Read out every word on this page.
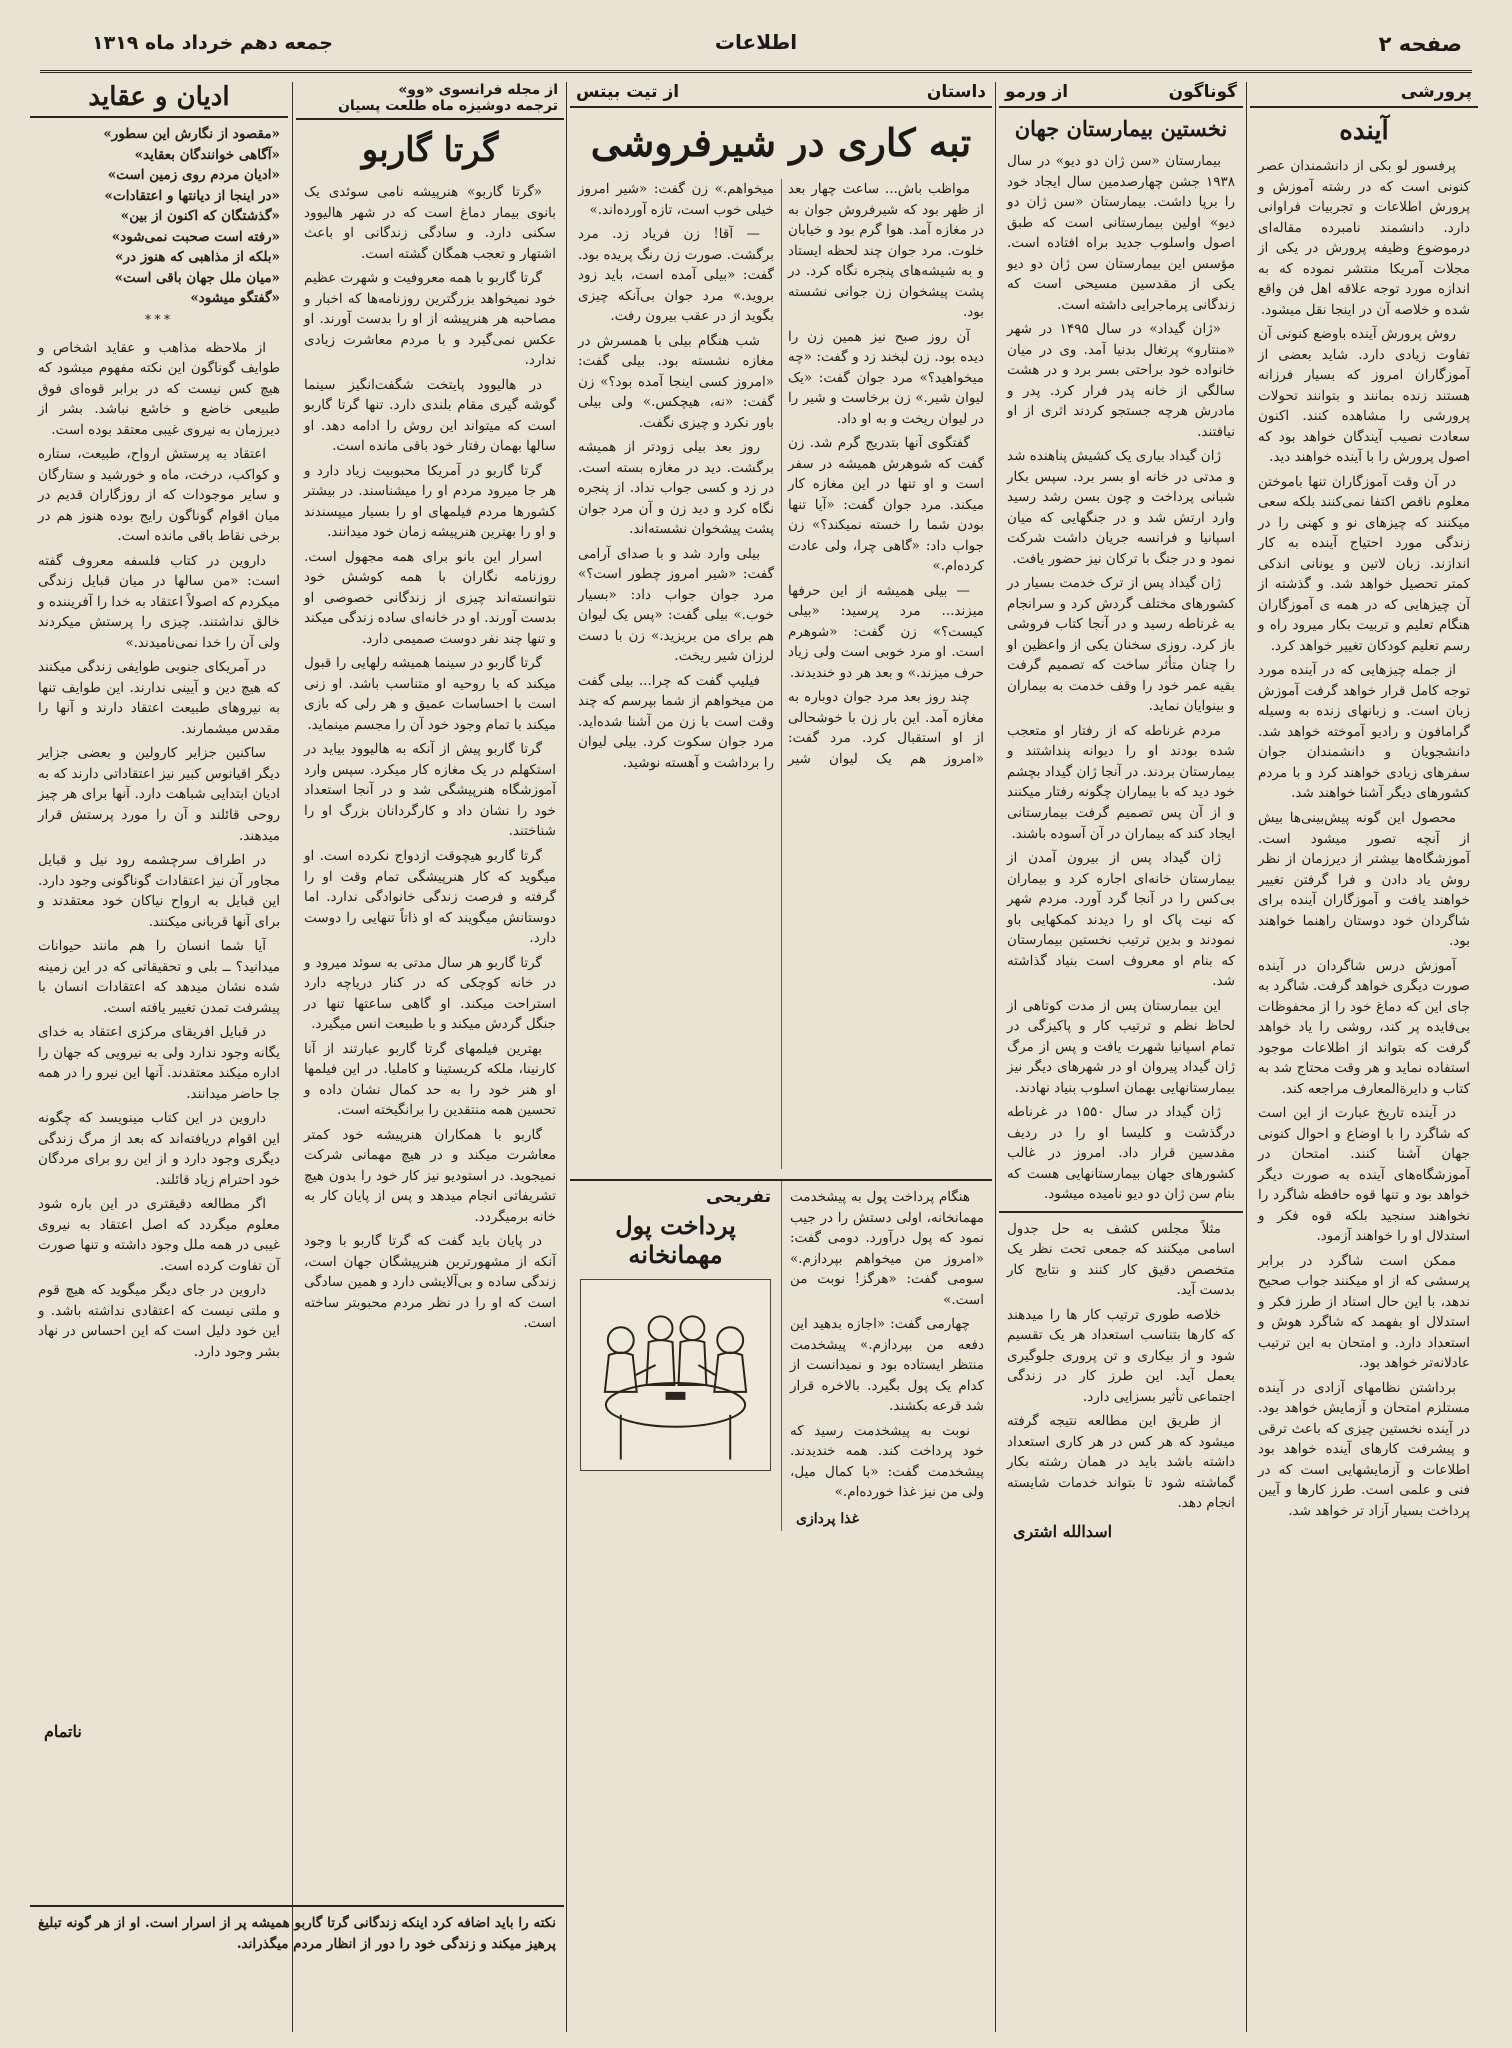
صفحه ۲
اطلاعات
جمعه دهم خرداد ماه ۱۳۱۹
پرورشی
آینده

پرفسور لو بکی از دانشمندان عصر کنونی است که در رشته آموزش و پرورش اطلاعات و تجربیات فراوانی دارد. دانشمند نامبرده مقاله‌ای درموضوع وظیفه پرورش در یکی از مجلات آمریکا منتشر نموده که به اندازه مورد توجه علاقه اهل فن واقع شده و خلاصه آن در اینجا نقل میشود.

روش پرورش آینده باوضع کنونی آن تفاوت زیادی دارد. شاید بعضی از آموزگاران امروز که بسیار فرزانه هستند زنده بمانند و بتوانند تحولات پرورشی را مشاهده کنند. اکنون سعادت نصیب آیندگان خواهد بود که اصول پرورش را با آینده خواهند دید.

در آن وقت آموزگاران تنها باموختن معلوم ناقص اکتفا نمی‌کنند بلکه سعی میکنند که چیزهای نو و کهنی را در زندگی مورد احتیاج آینده به کار اندازند. زبان لاتین و یونانی اندکی کمتر تحصیل خواهد شد. و گذشته از آن چیزهایی که در همه ی آموزگاران هنگام تعلیم و تربیت بکار میرود راه و رسم تعلیم کودکان تغییر خواهد کرد.

از جمله چیزهایی که در آینده مورد توجه کامل قرار خواهد گرفت آموزش زبان است. و زبانهای زنده به وسیله گرامافون و رادیو آموخته خواهد شد. دانشجویان و دانشمندان جوان سفرهای زیادی خواهند کرد و با مردم کشورهای دیگر آشنا خواهند شد.

محصول این گونه پیش‌بینی‌ها بیش از آنچه تصور میشود است. آموزشگاه‌ها بیشتر از دیرزمان از نظر روش یاد دادن و فرا گرفتن تغییر خواهند یافت و آموزگاران آینده برای شاگردان خود دوستان راهنما خواهند بود.

آموزش درس شاگردان در آینده صورت دیگری خواهد گرفت. شاگرد به جای این که دماغ خود را از محفوظات بی‌فایده پر کند، روشی را یاد خواهد گرفت که بتواند از اطلاعات موجود استفاده نماید و هر وقت محتاج شد به کتاب و دایرة‌المعارف مراجعه کند.

در آینده تاریخ عبارت از این است که شاگرد را با اوضاع و احوال کنونی جهان آشنا کنند. امتحان در آموزشگاه‌های آینده به صورت دیگر خواهد بود و تنها قوه حافظه شاگرد را نخواهند سنجید بلکه قوه فکر و استدلال او را خواهند آزمود.

ممکن است شاگرد در برابر پرسشی که از او میکنند جواب صحیح ندهد، با این حال استاد از طرز فکر و استدلال او بفهمد که شاگرد هوش و استعداد دارد. و امتحان به این ترتیب عادلانه‌تر خواهد بود.

برداشتن نظامهای آزادی در آینده مستلزم امتحان و آزمایش خواهد بود. در آینده نخستین چیزی که باعث ترقی و پیشرفت کارهای آینده خواهد بود اطلاعات و آزمایشهایی است که در فنی و علمی است. طرز کارها و آیین پرداخت بسیار آزاد تر خواهد شد.

گوناگون
از ورمو
نخستین بیمارستان جهان

بیمارستان «سن ژان دو دیو» در سال ۱۹۳۸ جشن چهارصدمین سال ایجاد خود را برپا داشت. بیمارستان «سن ژان دو دیو» اولین بیمارستانی است که طبق اصول واسلوب جدید براه افتاده است. مؤسس این بیمارستان سن ژان دو دیو یکی از مقدسین مسیحی است که زندگانی پرماجرایی داشته است.

«ژان گیداد» در سال ۱۴۹۵ در شهر «منتارو» پرتغال بدنیا آمد. وی در میان خانواده خود براحتی بسر برد و در هشت سالگی از خانه پدر فرار کرد. پدر و مادرش هرچه جستجو کردند اثری از او نیافتند.

ژان گیداد بیاری یک کشیش پناهنده شد و مدتی در خانه او بسر برد. سپس بکار شبانی پرداخت و چون بسن رشد رسید وارد ارتش شد و در جنگهایی که میان اسپانیا و فرانسه جریان داشت شرکت نمود و در جنگ با ترکان نیز حضور یافت.

ژان گیداد پس از ترک خدمت بسیار در کشورهای مختلف گردش کرد و سرانجام به غرناطه رسید و در آنجا کتاب فروشی باز کرد. روزی سخنان یکی از واعظین او را چنان متأثر ساخت که تصمیم گرفت بقیه عمر خود را وقف خدمت به بیماران و بینوایان نماید.

مردم غرناطه که از رفتار او متعجب شده بودند او را دیوانه پنداشتند و بیمارستان بردند. در آنجا ژان گیداد بچشم خود دید که با بیماران چگونه رفتار میکنند و از آن پس تصمیم گرفت بیمارستانی ایجاد کند که بیماران در آن آسوده باشند.

ژان گیداد پس از بیرون آمدن از بیمارستان خانه‌ای اجاره کرد و بیماران بی‌کس را در آنجا گرد آورد. مردم شهر که نیت پاک او را دیدند کمکهایی باو نمودند و بدین ترتیب نخستین بیمارستان که بنام او معروف است بنیاد گذاشته شد.

این بیمارستان پس از مدت کوتاهی از لحاظ نظم و ترتیب کار و پاکیزگی در تمام اسپانیا شهرت یافت و پس از مرگ ژان گیداد پیروان او در شهرهای دیگر نیز بیمارستانهایی بهمان اسلوب بنیاد نهادند.

ژان گیداد در سال ۱۵۵۰ در غرناطه درگذشت و کلیسا او را در ردیف مقدسین قرار داد. امروز در غالب کشورهای جهان بیمارستانهایی هست که بنام سن ژان دو دیو نامیده میشود.

مثلاً مجلس کشف به حل جدول اسامی میکنند که جمعی تحت نظر یک متخصص دقیق کار کنند و نتایج کار بدست آید.

خلاصه طوری ترتیب کار ها را میدهند که کارها بتناسب استعداد هر یک تقسیم شود و از بیکاری و تن پروری جلوگیری بعمل آید. این طرز کار در زندگی اجتماعی تأثیر بسزایی دارد.

از طریق این مطالعه نتیجه گرفته میشود که هر کس در هر کاری استعداد داشته باشد باید در همان رشته بکار گماشته شود تا بتواند خدمات شایسته انجام دهد.

اسدالله اشتری
داستان
از تیت بیتس
تبه کاری در شیرفروشی

مواظب باش... ساعت چهار بعد از ظهر بود که شیرفروش جوان به در مغازه آمد. هوا گرم بود و خیابان خلوت. مرد جوان چند لحظه ایستاد و به شیشه‌های پنجره نگاه کرد. در پشت پیشخوان زن جوانی نشسته بود.

آن روز صبح نیز همین زن را دیده بود. زن لبخند زد و گفت: «چه میخواهید؟» مرد جوان گفت: «یک لیوان شیر.» زن برخاست و شیر را در لیوان ریخت و به او داد.

گفتگوی آنها بتدریج گرم شد. زن گفت که شوهرش همیشه در سفر است و او تنها در این مغازه کار میکند. مرد جوان گفت: «آیا تنها بودن شما را خسته نمیکند؟» زن جواب داد: «گاهی چرا، ولی عادت کرده‌ام.»

— بیلی همیشه از این حرفها میزند... مرد پرسید: «بیلی کیست؟» زن گفت: «شوهرم است. او مرد خوبی است ولی زیاد حرف میزند.» و بعد هر دو خندیدند.

چند روز بعد مرد جوان دوباره به مغازه آمد. این بار زن با خوشحالی از او استقبال کرد. مرد گفت: «امروز هم یک لیوان شیر میخواهم.» زن گفت: «شیر امروز خیلی خوب است، تازه آورده‌اند.»

— آقا! زن فریاد زد. مرد برگشت. صورت زن رنگ پریده بود. گفت: «بیلی آمده است، باید زود بروید.» مرد جوان بی‌آنکه چیزی بگوید از در عقب بیرون رفت.

شب هنگام بیلی با همسرش در مغازه نشسته بود. بیلی گفت: «امروز کسی اینجا آمده بود؟» زن گفت: «نه، هیچکس.» ولی بیلی باور نکرد و چیزی نگفت.

روز بعد بیلی زودتر از همیشه برگشت. دید در مغازه بسته است. در زد و کسی جواب نداد. از پنجره نگاه کرد و دید زن و آن مرد جوان پشت پیشخوان نشسته‌اند.

بیلی وارد شد و با صدای آرامی گفت: «شیر امروز چطور است؟» مرد جوان جواب داد: «بسیار خوب.» بیلی گفت: «پس یک لیوان هم برای من بریزید.» زن با دست لرزان شیر ریخت.

فیلیپ گفت که چرا... بیلی گفت من میخواهم از شما بپرسم که چند وقت است با زن من آشنا شده‌اید. مرد جوان سکوت کرد. بیلی لیوان را برداشت و آهسته نوشید.

هنگام پرداخت پول به پیشخدمت مهمانخانه، اولی دستش را در جیب نمود که پول درآورد. دومی گفت: «امروز من میخواهم بپردازم.» سومی گفت: «هرگز! نوبت من است.»

چهارمی گفت: «اجازه بدهید این دفعه من بپردازم.» پیشخدمت منتظر ایستاده بود و نمیدانست از کدام یک پول بگیرد. بالاخره قرار شد قرعه بکشند.

نوبت به پیشخدمت رسید که خود پرداخت کند. همه خندیدند. پیشخدمت گفت: «با کمال میل، ولی من نیز غذا خورده‌ام.»

غذا پردازی
تفریحی
پرداخت پول مهمانخانه
از مجله فرانسوی «وو»
ترجمه دوشیزه ماه طلعت پسیان
گرتا گاربو

«گرتا گاربو» هنرپیشه نامی سوئدی یک بانوی بیمار دماغ است که در شهر هالیوود سکنی دارد. و سادگی زندگانی او باعث اشتهار و تعجب همگان گشته است.

گرتا گاربو با همه معروفیت و شهرت عظیم خود نمیخواهد بزرگترین روزنامه‌ها که اخبار و مصاحبه هر هنرپیشه از او را بدست آورند. او عکس نمی‌گیرد و با مردم معاشرت زیادی ندارد.

در هالیوود پایتخت شگفت‌انگیز سینما گوشه گیری مقام بلندی دارد. تنها گرتا گاربو است که میتواند این روش را ادامه دهد. او سالها بهمان رفتار خود باقی مانده است.

گرتا گاربو در آمریکا محبوبیت زیاد دارد و هر جا میرود مردم او را میشناسند. در بیشتر کشورها مردم فیلمهای او را بسیار میپسندند و او را بهترین هنرپیشه زمان خود میدانند.

اسرار این بانو برای همه مجهول است. روزنامه نگاران با همه کوشش خود نتوانسته‌اند چیزی از زندگانی خصوصی او بدست آورند. او در خانه‌ای ساده زندگی میکند و تنها چند نفر دوست صمیمی دارد.

گرتا گاربو در سینما همیشه رلهایی را قبول میکند که با روحیه او متناسب باشد. او زنی است با احساسات عمیق و هر رلی که بازی میکند با تمام وجود خود آن را مجسم مینماید.

گرتا گاربو پیش از آنکه به هالیوود بیاید در استکهلم در یک مغازه کار میکرد. سپس وارد آموزشگاه هنرپیشگی شد و در آنجا استعداد خود را نشان داد و کارگردانان بزرگ او را شناختند.

گرتا گاربو هیچوقت ازدواج نکرده است. او میگوید که کار هنرپیشگی تمام وقت او را گرفته و فرصت زندگی خانوادگی ندارد. اما دوستانش میگویند که او ذاتاً تنهایی را دوست دارد.

گرتا گاربو هر سال مدتی به سوئد میرود و در خانه کوچکی که در کنار دریاچه دارد استراحت میکند. او گاهی ساعتها تنها در جنگل گردش میکند و با طبیعت انس میگیرد.

بهترین فیلمهای گرتا گاربو عبارتند از آنا کارنینا، ملکه کریستینا و کاملیا. در این فیلمها او هنر خود را به حد کمال نشان داده و تحسین همه منتقدین را برانگیخته است.

گاربو با همکاران هنرپیشه خود کمتر معاشرت میکند و در هیچ مهمانی شرکت نمیجوید. در استودیو نیز کار خود را بدون هیچ تشریفاتی انجام میدهد و پس از پایان کار به خانه برمیگردد.

در پایان باید گفت که گرتا گاربو با وجود آنکه از مشهورترین هنرپیشگان جهان است، زندگی ساده و بی‌آلایشی دارد و همین سادگی است که او را در نظر مردم محبوبتر ساخته است.

ادیان و عقاید
«مقصود از نگارش این سطور»
«آگاهی خوانندگان بعقاید»
«ادیان مردم روی زمین است»
«در اینجا از دیانتها و اعتقادات»
«گذشتگان که اکنون از بین»
«رفته است صحبت نمی‌شود»
«بلکه از مذاهبی که هنوز در»
«میان ملل جهان باقی است»
«گفتگو میشود»
***

از ملاحظه مذاهب و عقاید اشخاص و طوایف گوناگون این نکته مفهوم میشود که هیچ کس نیست که در برابر قوه‌ای فوق طبیعی خاضع و خاشع نباشد. بشر از دیرزمان به نیروی غیبی معتقد بوده است.

اعتقاد به پرستش ارواح، طبیعت، ستاره و کواکب، درخت، ماه و خورشید و ستارگان و سایر موجودات که از روزگاران قدیم در میان اقوام گوناگون رایج بوده هنوز هم در برخی نقاط باقی مانده است.

داروین در کتاب فلسفه معروف گفته است: «من سالها در میان قبایل زندگی میکردم که اصولاً اعتقاد به خدا را آفریننده و خالق نداشتند. چیزی را پرستش میکردند ولی آن را خدا نمی‌نامیدند.»

در آمریکای جنوبی طوایفی زندگی میکنند که هیچ دین و آیینی ندارند. این طوایف تنها به نیروهای طبیعت اعتقاد دارند و آنها را مقدس میشمارند.

ساکنین جزایر کارولین و بعضی جزایر دیگر اقیانوس کبیر نیز اعتقاداتی دارند که به ادیان ابتدایی شباهت دارد. آنها برای هر چیز روحی قائلند و آن را مورد پرستش قرار میدهند.

در اطراف سرچشمه رود نیل و قبایل مجاور آن نیز اعتقادات گوناگونی وجود دارد. این قبایل به ارواح نیاکان خود معتقدند و برای آنها قربانی میکنند.

آیا شما انسان را هم مانند حیوانات میدانید؟ ــ بلی و تحقیقاتی که در این زمینه شده نشان میدهد که اعتقادات انسان با پیشرفت تمدن تغییر یافته است.

در قبایل افریقای مرکزی اعتقاد به خدای یگانه وجود ندارد ولی به نیرویی که جهان را اداره میکند معتقدند. آنها این نیرو را در همه جا حاضر میدانند.

داروین در این کتاب مینویسد که چگونه این اقوام دریافته‌اند که بعد از مرگ زندگی دیگری وجود دارد و از این رو برای مردگان خود احترام زیاد قائلند.

اگر مطالعه دقیقتری در این باره شود معلوم میگردد که اصل اعتقاد به نیروی غیبی در همه ملل وجود داشته و تنها صورت آن تفاوت کرده است.

داروین در جای دیگر میگوید که هیچ قوم و ملتی نیست که اعتقادی نداشته باشد. و این خود دلیل است که این احساس در نهاد بشر وجود دارد.

ناتمام
نکته را باید اضافه کرد اینکه زندگانی گرتا گاربو همیشه پر از اسرار است. او از هر گونه تبلیغ پرهیز میکند و زندگی خود را دور از انظار مردم میگذراند.
